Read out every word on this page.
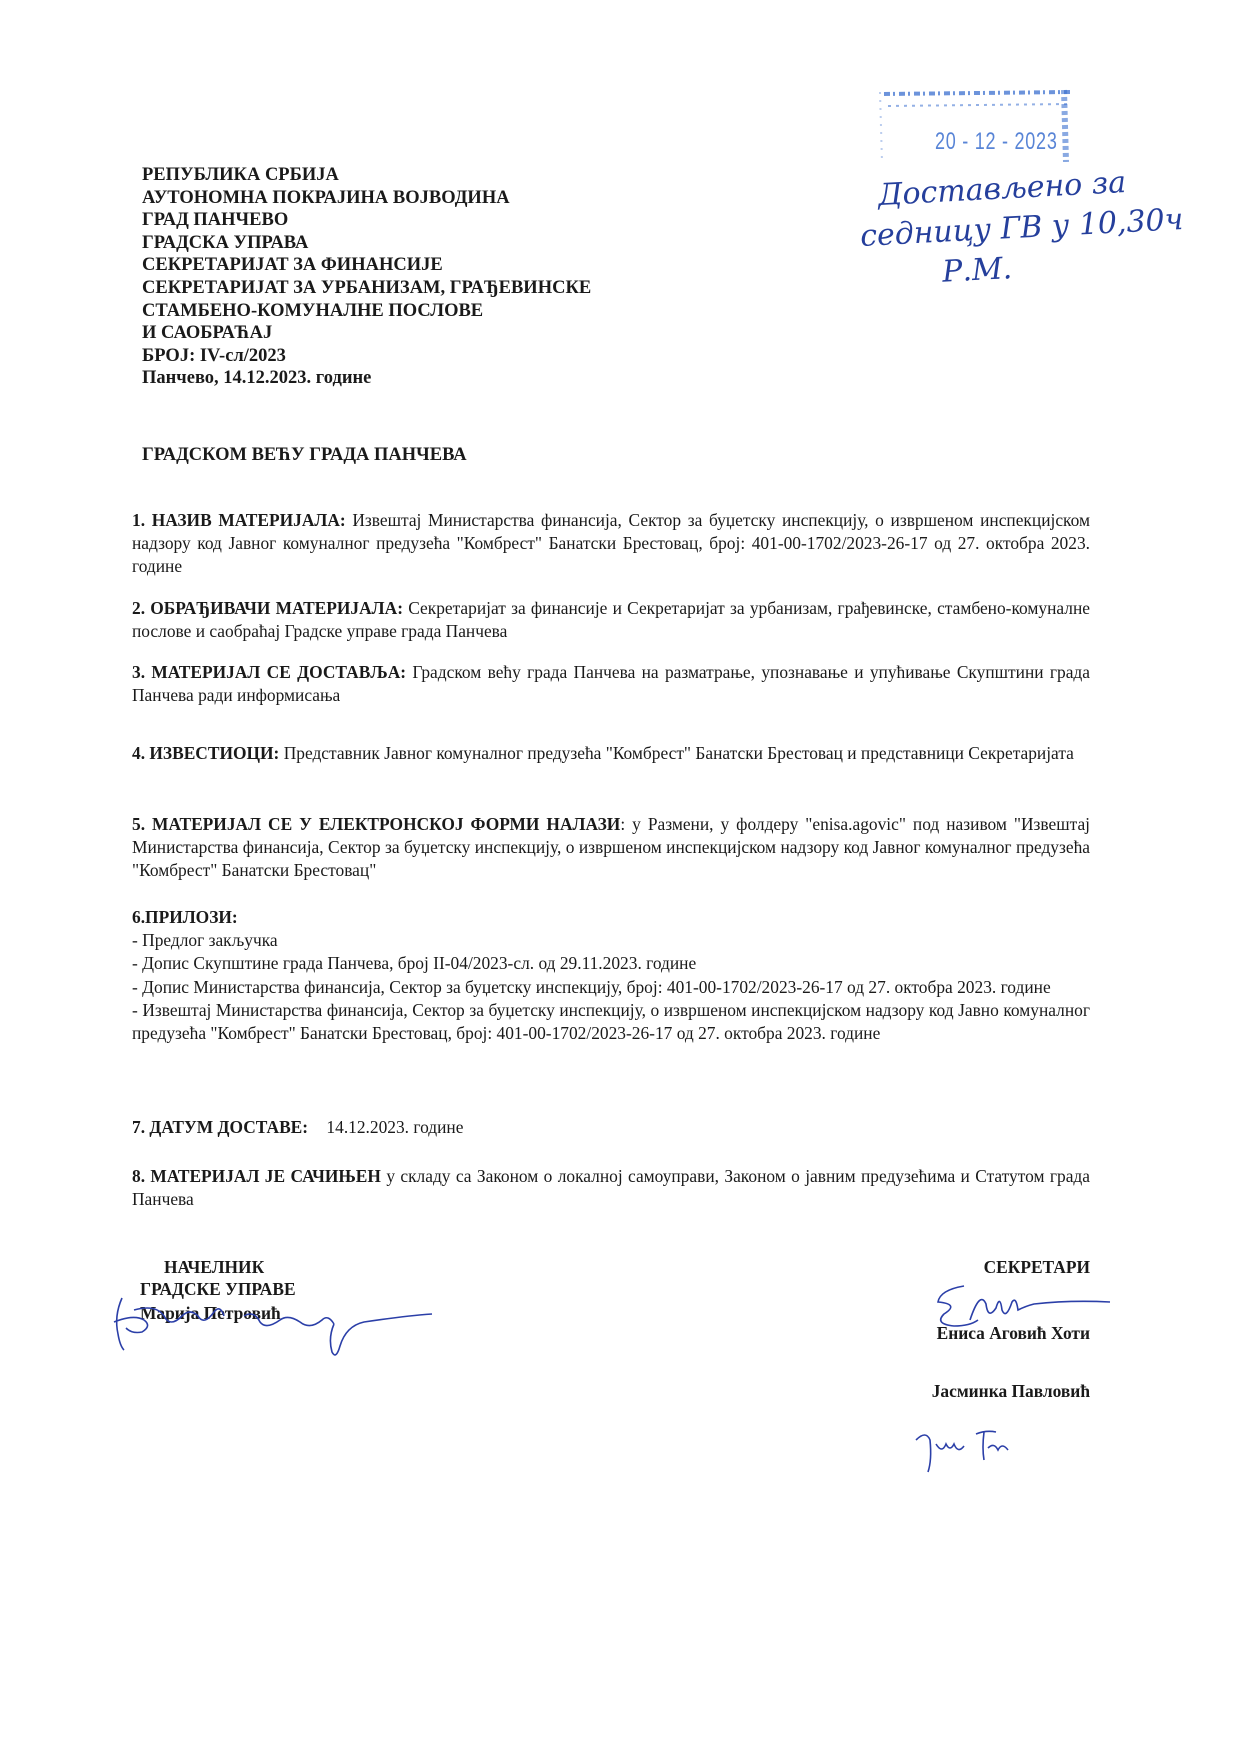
20 - 12 - 2023
Достављено за
седницу ГВ у 10,30ч
Р.М.
РЕПУБЛИКА СРБИЈА
АУТОНОМНА ПОКРАЈИНА ВОЈВОДИНА
ГРАД ПАНЧЕВО
ГРАДСКА УПРАВА
СЕКРЕТАРИЈАТ ЗА ФИНАНСИЈЕ
СЕКРЕТАРИЈАТ ЗА УРБАНИЗАМ, ГРАЂЕВИНСКЕ
СТАМБЕНО-КОМУНАЛНЕ ПОСЛОВЕ
И САОБРАЋАЈ
БРОЈ: IV-сл/2023
Панчево, 14.12.2023. године
ГРАДСКОМ ВЕЋУ ГРАДА ПАНЧЕВА
1. НАЗИВ МАТЕРИЈАЛА: Извештај Министарства финансија, Сектор за буџетску инспекцију, о извршеном инспекцијском надзору код Јавног комуналног предузећа "Комбрест" Банатски Брестовац, број: 401-00-1702/2023-26-17 од 27. октобра 2023. године
2. ОБРАЂИВАЧИ МАТЕРИЈАЛА: Секретаријат за финансије и Секретаријат за урбанизам, грађевинске, стамбено-комуналне послове и саобраћај Градске управе града Панчева
3. МАТЕРИЈАЛ СЕ ДОСТАВЉА: Градском већу града Панчева на разматрање, упознавање и упућивање Скупштини града Панчева ради информисања
4. ИЗВЕСТИОЦИ: Представник Јавног комуналног предузећа "Комбрест" Банатски Брестовац и представници Секретаријата
5. МАТЕРИЈАЛ СЕ У ЕЛЕКТРОНСКОЈ ФОРМИ НАЛАЗИ: у Размени, у фолдеру "enisa.agovic" под називом "Извештај Министарства финансија, Сектор за буџетску инспекцију, о извршеном инспекцијском надзору код Јавног комуналног предузећа "Комбрест" Банатски Брестовац"
6.ПРИЛОЗИ:
- Предлог закључка
- Допис Скупштине града Панчева, број II-04/2023-сл. од 29.11.2023. године
- Допис Министарства финансија, Сектор за буџетску инспекцију, број: 401-00-1702/2023-26-17 од 27. октобра 2023. године
- Извештај Министарства финансија, Сектор за буџетску инспекцију, о извршеном инспекцијском надзору код Јавно комуналног предузећа "Комбрест" Банатски Брестовац, број: 401-00-1702/2023-26-17 од 27. октобра 2023. године
7. ДАТУМ ДОСТАВЕ: 14.12.2023. године
8. МАТЕРИЈАЛ ЈЕ САЧИЊЕН у складу са Законом о локалној самоуправи, Законом о јавним предузећима и Статутом града Панчева
НАЧЕЛНИК
ГРАДСКЕ УПРАВЕ
Марија Петровић
СЕКРЕТАРИ
Ениса Аговић Хоти
Јасминка Павловић
